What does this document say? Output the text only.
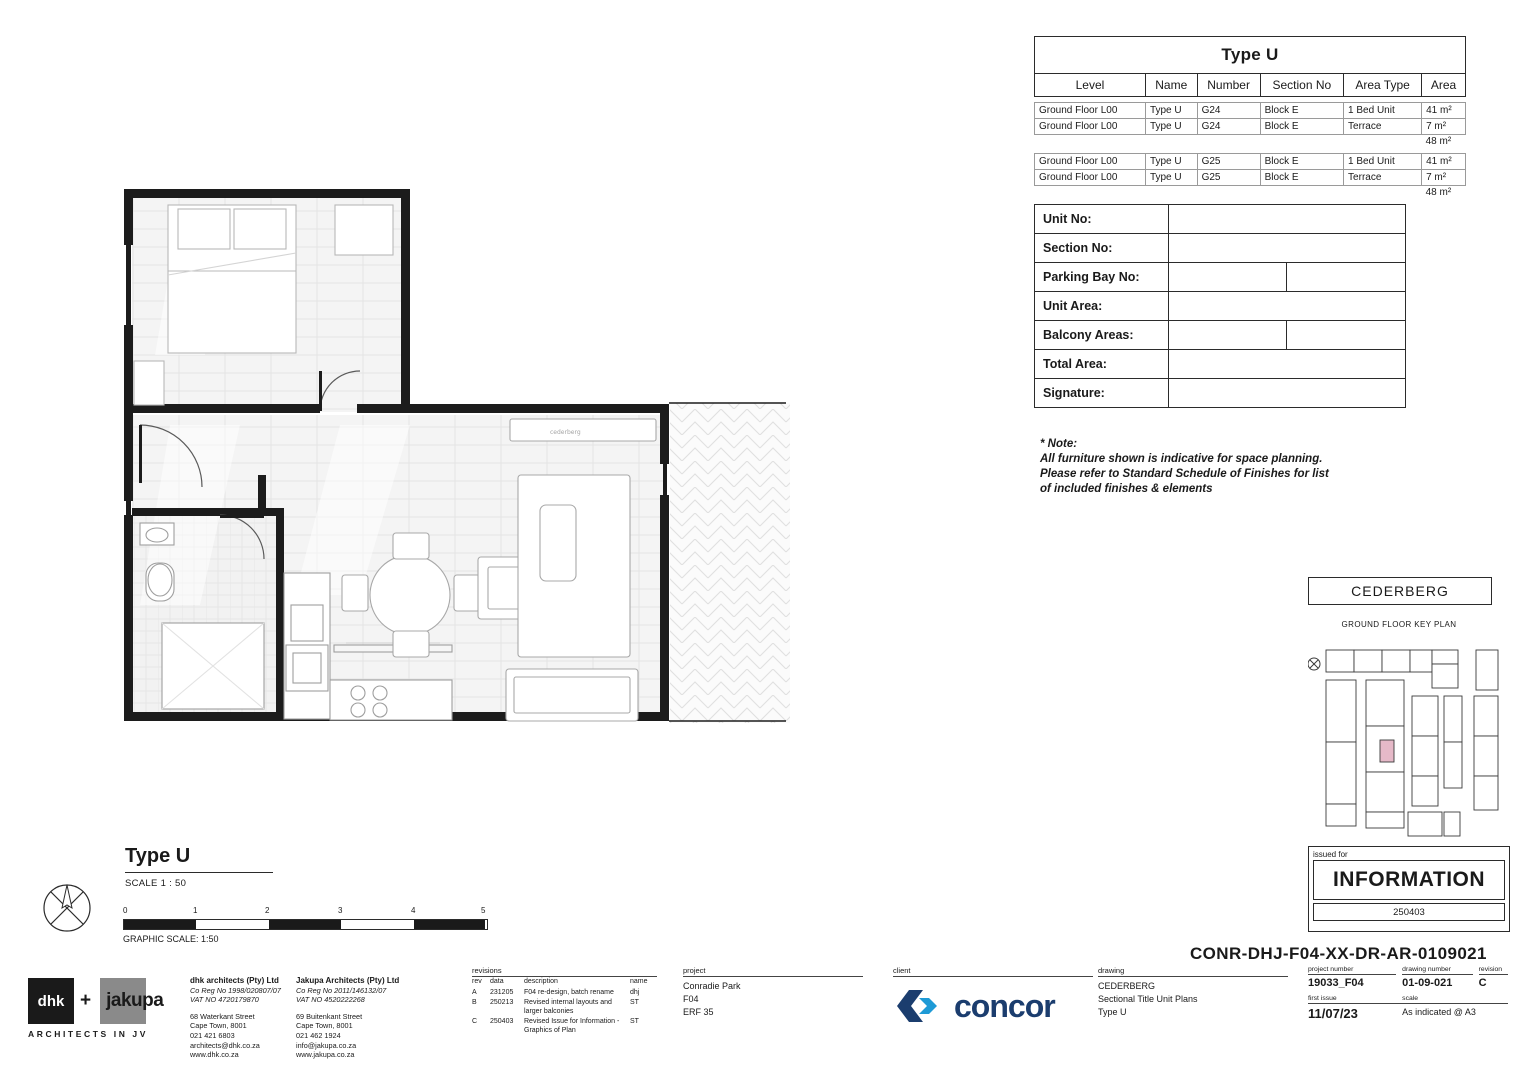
cederberg
Type U					
Level	Name	Number	Section No	Area Type	Area

Ground Floor L00	Type U	G24	Block E	1 Bed Unit	41 m²
Ground Floor L00	Type U	G24	Block E	Terrace	7 m²
					48 m²

Ground Floor L00	Type U	G25	Block E	1 Bed Unit	41 m²
Ground Floor L00	Type U	G25	Block E	Terrace	7 m²
					48 m²
Unit No:		
Section No:		
Parking Bay No:		
Unit Area:		
Balcony Areas:		
Total Area:		
Signature:		
* Note:
All furniture shown is indicative for space planning.
Please refer to Standard Schedule of Finishes for list
of included finishes & elements
CEDERBERG
GROUND FLOOR KEY PLAN
issued for
INFORMATION
250403
CONR-DHJ-F04-XX-DR-AR-0109021
Type U
SCALE 1 : 50
0	1	2	3	4	5
GRAPHIC SCALE: 1:50
dhk + jakupa
ARCHITECTS IN JV
dhk architects (Pty) Ltd
Co Reg No 1998/020807/07
VAT NO 4720179870
68 Waterkant Street
Cape Town, 8001
021 421 6803
architects@dhk.co.za
www.dhk.co.za
Jakupa Architects (Pty) Ltd
Co Reg No 2011/146132/07
VAT NO 4520222268
69 Buitenkant Street
Cape Town, 8001
021 462 1924
info@jakupa.co.za
www.jakupa.co.za
revisions
rev	data	description	name
A	231205	F04 re-design, batch rename	dhj
B	250213	Revised internal layouts and larger balconies	ST
C	250403	Revised Issue for Information - Graphics of Plan	ST
project
Conradie Park
F04
ERF 35
client
concor
drawing
CEDERBERG
Sectional Title Unit Plans
Type U
project number
19033_F04

drawing number
01-09-021

revision
C

first issue
11/07/23

scale
As indicated @ A3
